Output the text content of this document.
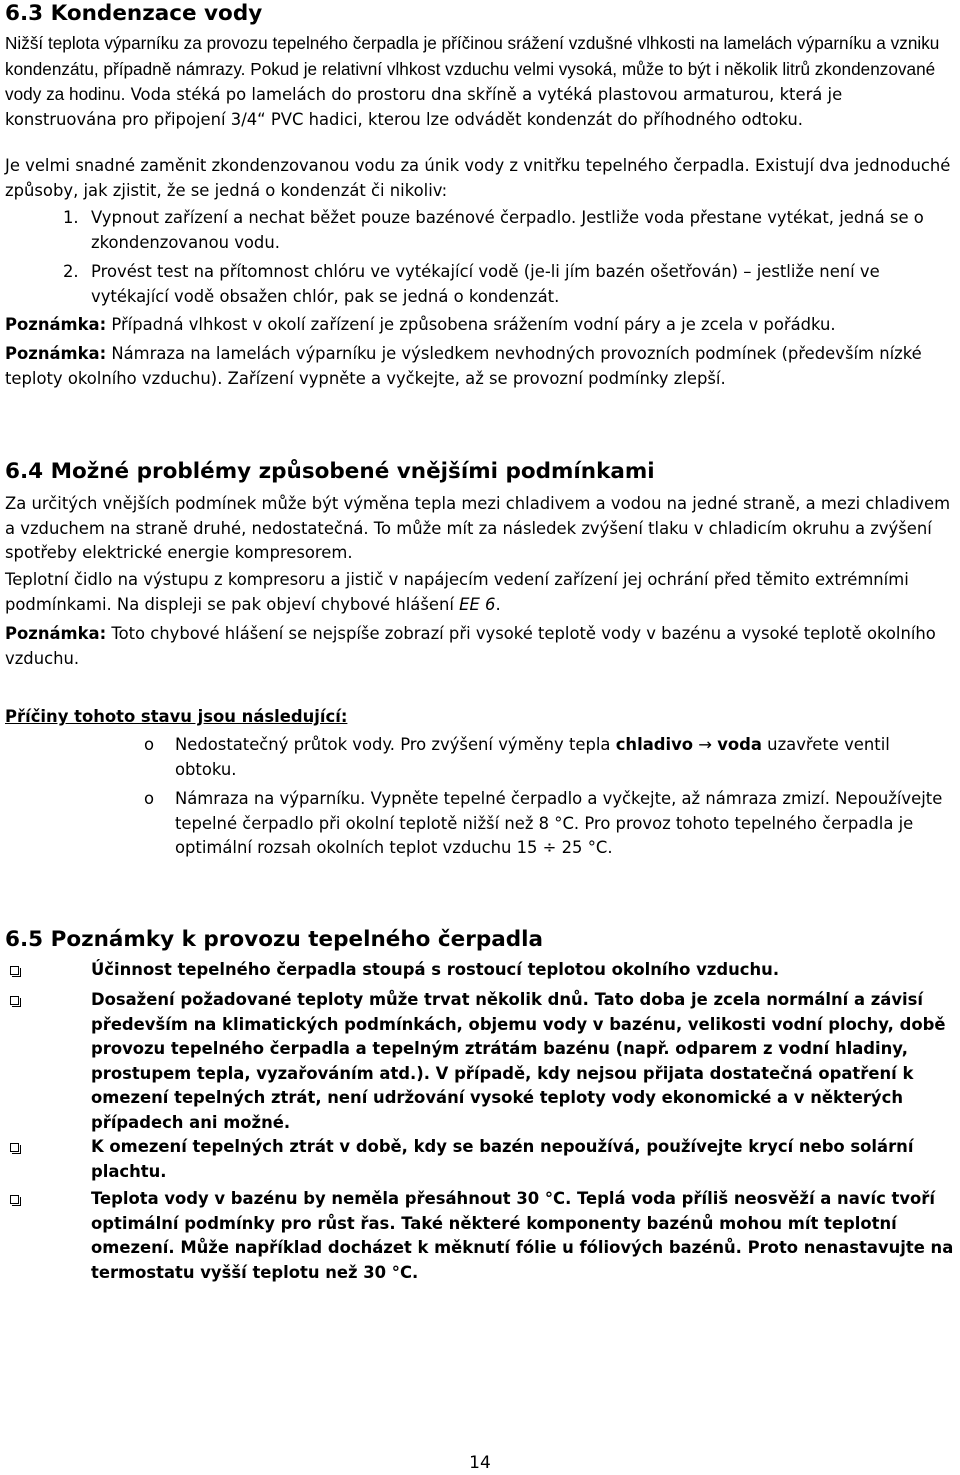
6.3 Kondenzace vody

Nižší teplota výparníku za provozu tepelného čerpadla je příčinou srážení vzdušné vlhkosti na lamelách výparníku a vzniku kondenzátu, případně námrazy. Pokud je relativní vlhkost vzduchu velmi vysoká, může to být i několik litrů zkondenzované vody za hodinu. Voda stéká po lamelách do prostoru dna skříně a vytéká plastovou armaturou, která je konstruována pro připojení 3/4“ PVC hadici, kterou lze odvádět kondenzát do příhodného odtoku.

Je velmi snadné zaměnit zkondenzovanou vodu za únik vody z vnitřku tepelného čerpadla. Existují dva jednoduché způsoby, jak zjistit, že se jedná o kondenzát či nikoliv:

1. Vypnout zařízení a nechat běžet pouze bazénové čerpadlo. Jestliže voda přestane vytékat, jedná se o zkondenzovanou vodu.
2. Provést test na přítomnost chlóru ve vytékající vodě (je-li jím bazén ošetřován) – jestliže není ve vytékající vodě obsažen chlór, pak se jedná o kondenzát.

Poznámka: Případná vlhkost v okolí zařízení je způsobena srážením vodní páry a je zcela v pořádku.

Poznámka: Námraza na lamelách výparníku je výsledkem nevhodných provozních podmínek (především nízké teploty okolního vzduchu). Zařízení vypněte a vyčkejte, až se provozní podmínky zlepší.

6.4 Možné problémy způsobené vnějšími podmínkami

Za určitých vnějších podmínek může být výměna tepla mezi chladivem a vodou na jedné straně, a mezi chladivem a vzduchem na straně druhé, nedostatečná. To může mít za následek zvýšení tlaku v chladicím okruhu a zvýšení spotřeby elektrické energie kompresorem.

Teplotní čidlo na výstupu z kompresoru a jistič v napájecím vedení zařízení jej ochrání před těmito extrémními podmínkami. Na displeji se pak objeví chybové hlášení EE 6.

Poznámka: Toto chybové hlášení se nejspíše zobrazí při vysoké teplotě vody v bazénu a vysoké teplotě okolního vzduchu.

Příčiny tohoto stavu jsou následující:

o Nedostatečný průtok vody. Pro zvýšení výměny tepla chladivo → voda uzavřete ventil obtoku.

o Námraza na výparníku. Vypněte tepelné čerpadlo a vyčkejte, až námraza zmizí. Nepoužívejte tepelné čerpadlo při okolní teplotě nižší než 8 °C. Pro provoz tohoto tepelného čerpadla je optimální rozsah okolních teplot vzduchu 15 ÷ 25 °C.

6.5 Poznámky k provozu tepelného čerpadla

Účinnost tepelného čerpadla stoupá s rostoucí teplotou okolního vzduchu.

Dosažení požadované teploty může trvat několik dnů. Tato doba je zcela normální a závisí především na klimatických podmínkách, objemu vody v bazénu, velikosti vodní plochy, době provozu tepelného čerpadla a tepelným ztrátám bazénu (např. odparem z vodní hladiny, prostupem tepla, vyzařováním atd.). V případě, kdy nejsou přijata dostatečná opatření k omezení tepelných ztrát, není udržování vysoké teploty vody ekonomické a v některých případech ani možné.

K omezení tepelných ztrát v době, kdy se bazén nepoužívá, používejte krycí nebo solární plachtu.

Teplota vody v bazénu by neměla přesáhnout 30 °C. Teplá voda příliš neosvěží a navíc tvoří optimální podmínky pro růst řas. Také některé komponenty bazénů mohou mít teplotní omezení. Může například docházet k měknutí fólie u fóliových bazénů. Proto nenastavujte na termostatu vyšší teplotu než 30 °C.

14
